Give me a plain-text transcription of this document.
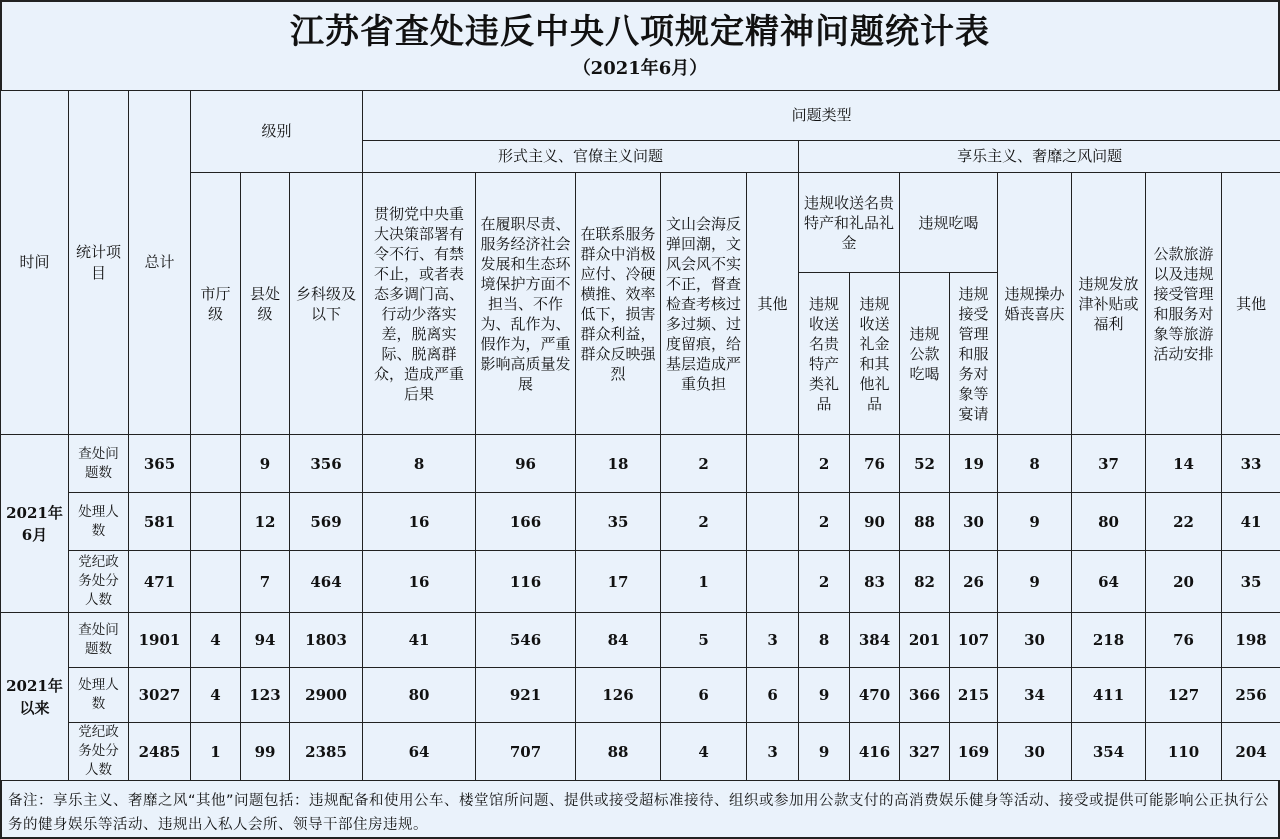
江苏省查处违反中央八项规定精神问题统计表
（2021年6月）
时间	统计项目	总计	级别			问题类型												
						形式主义、官僚主义问题					享乐主义、奢靡之风问题							

			市厅级	县处级	乡科级及以下	贯彻党中央重大决策部署有令不行、有禁不止，或者表态多调门高、行动少落实差，脱离实际、脱离群众，造成严重后果	在履职尽责、服务经济社会发展和生态环境保护方面不担当、不作为、乱作为、假作为，严重影响高质量发展	在联系服务群众中消极应付、冷硬横推、效率低下，损害群众利益，群众反映强烈	文山会海反弹回潮，文风会风不实不正，督查检查考核过多过频、过度留痕，给基层造成严重负担	其他	违规收送名贵特产和礼品礼金		违规吃喝		违规操办婚丧喜庆	违规发放津补贴或福利	公款旅游以及违规接受管理和服务对象等旅游活动安排	其他

											违规收送名贵特产类礼品	违规收送礼金和其他礼品	违规公款吃喝	违规接受管理和服务对象等宴请				

2021年6月	查处问题数	365		9	356	8	96	18	2		2	76	52	19	8	37	14	33

	处理人数	581		12	569	16	166	35	2		2	90	88	30	9	80	22	41

	党纪政务处分人数	471		7	464	16	116	17	1		2	83	82	26	9	64	20	35

2021年以来	查处问题数	1901	4	94	1803	41	546	84	5	3	8	384	201	107	30	218	76	198

	处理人数	3027	4	123	2900	80	921	126	6	6	9	470	366	215	34	411	127	256

	党纪政务处分人数	2485	1	99	2385	64	707	88	4	3	9	416	327	169	30	354	110	204
备注：享乐主义、奢靡之风“其他”问题包括：违规配备和使用公车、楼堂馆所问题、提供或接受超标准接待、组织或参加用公款支付的高消费娱乐健身等活动、接受或提供可能影响公正执行公务的健身娱乐等活动、违规出入私人会所、领导干部住房违规。
